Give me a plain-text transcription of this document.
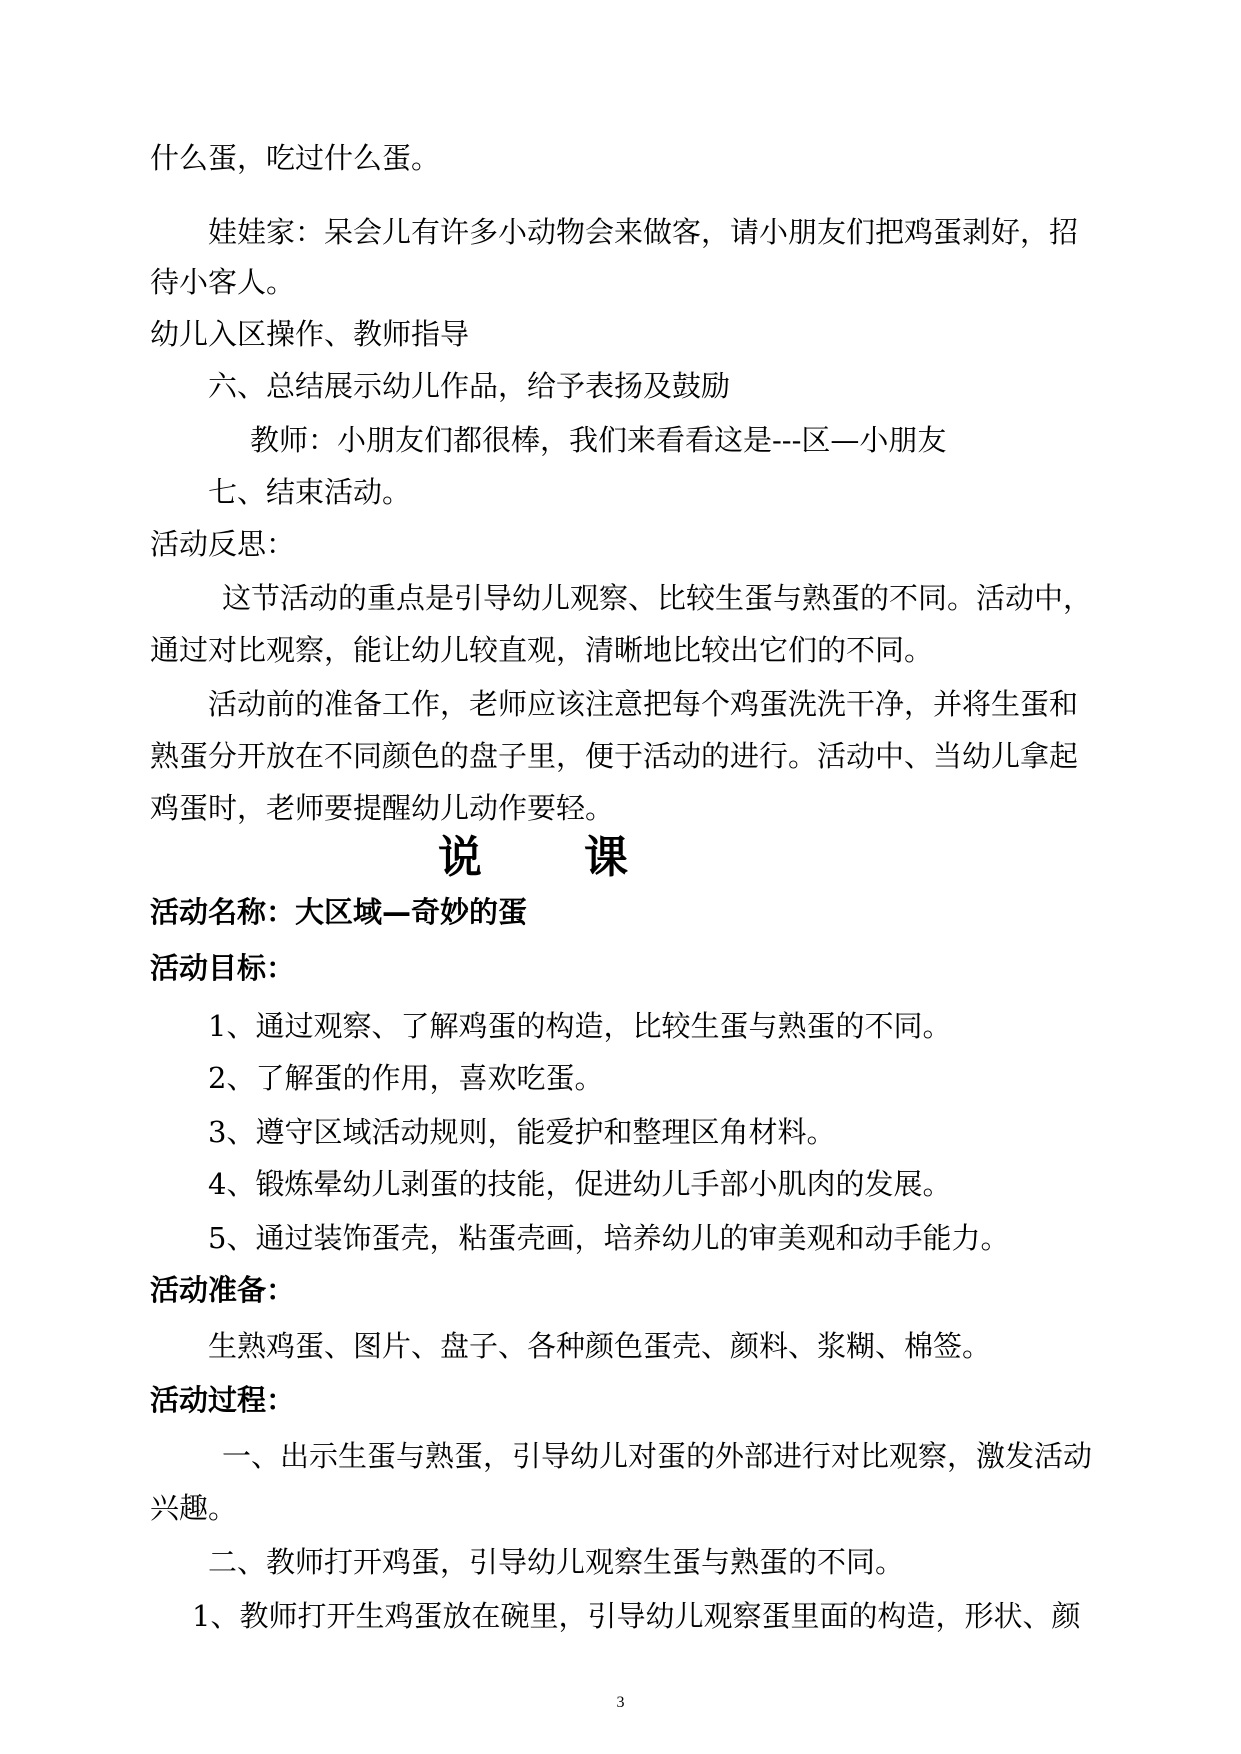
什么蛋，吃过什么蛋。
娃娃家：呆会儿有许多小动物会来做客，请小朋友们把鸡蛋剥好，招
待小客人。
幼儿入区操作、教师指导
六、总结展示幼儿作品，给予表扬及鼓励
教师：小朋友们都很棒，我们来看看这是---区—小朋友
七、结束活动。
活动反思：
这节活动的重点是引导幼儿观察、比较生蛋与熟蛋的不同。活动中，
通过对比观察，能让幼儿较直观，清晰地比较出它们的不同。
活动前的准备工作，老师应该注意把每个鸡蛋洗洗干净，并将生蛋和
熟蛋分开放在不同颜色的盘子里，便于活动的进行。活动中、当幼儿拿起
鸡蛋时，老师要提醒幼儿动作要轻。
说 课
活动名称：大区域—奇妙的蛋
活动目标：
1、通过观察、了解鸡蛋的构造，比较生蛋与熟蛋的不同。
2、了解蛋的作用，喜欢吃蛋。
3、遵守区域活动规则，能爱护和整理区角材料。
4、锻炼晕幼儿剥蛋的技能，促进幼儿手部小肌肉的发展。
5、通过装饰蛋壳，粘蛋壳画，培养幼儿的审美观和动手能力。
活动准备：
生熟鸡蛋、图片、盘子、各种颜色蛋壳、颜料、浆糊、棉签。
活动过程：
一、出示生蛋与熟蛋，引导幼儿对蛋的外部进行对比观察，激发活动
兴趣。
二、教师打开鸡蛋，引导幼儿观察生蛋与熟蛋的不同。
1、教师打开生鸡蛋放在碗里，引导幼儿观察蛋里面的构造，形状、颜
3
